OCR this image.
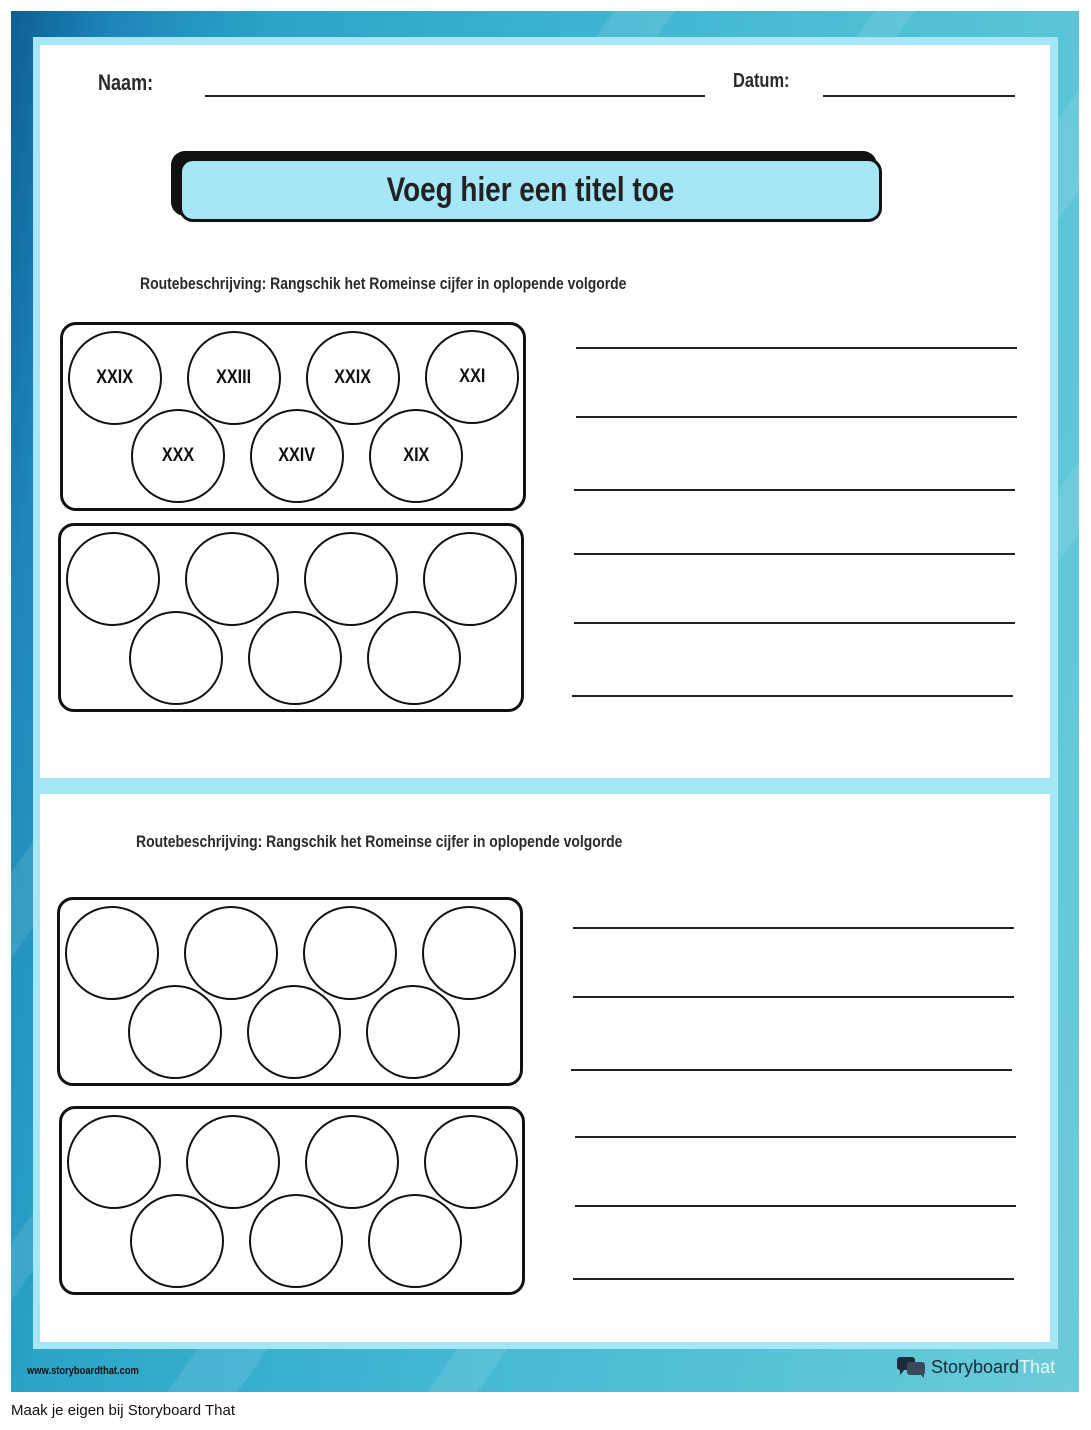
Naam:	Datum:
Voeg hier een titel toe
Routebeschrijving: Rangschik het Romeinse cijfer in oplopende volgorde
XXIX	XXIII	XXIX	XXI
XXX	XXIV	XIX
Routebeschrijving: Rangschik het Romeinse cijfer in oplopende volgorde
www.storyboardthat.com	StoryboardThat
Maak je eigen bij Storyboard That
